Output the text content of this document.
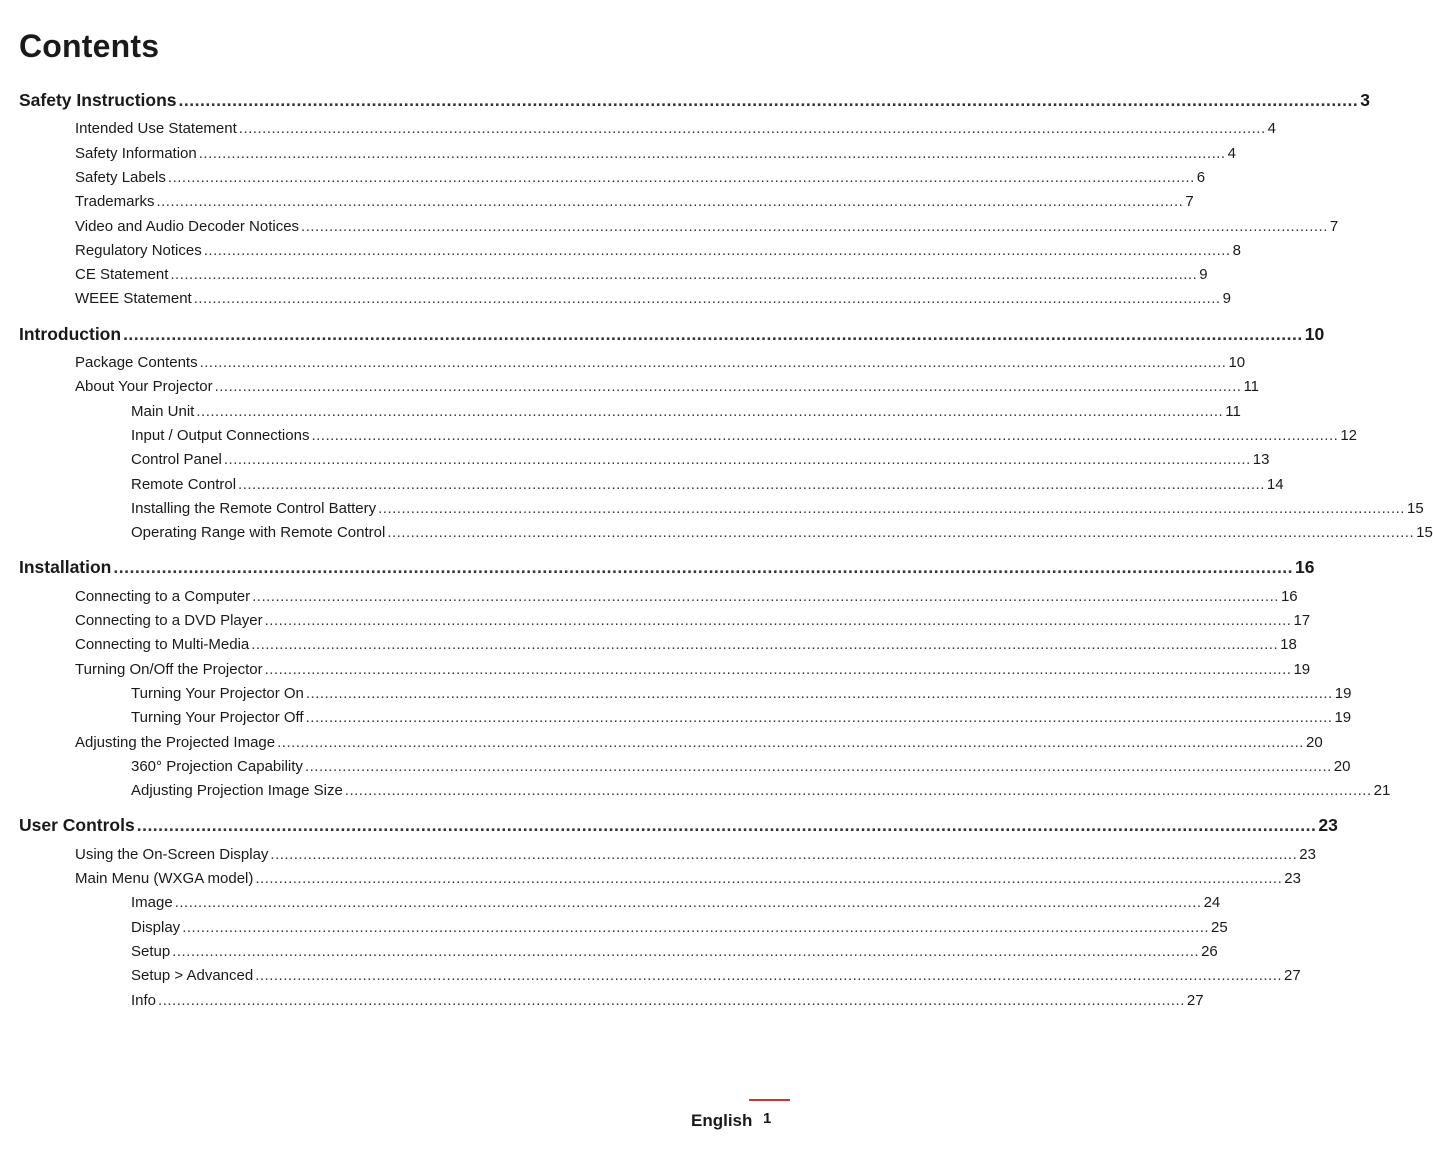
Contents
Safety Instructions ............................................................................................................................................................................................................................ 3
Intended Use Statement ............................................................................................................................................................................................................................ 4
Safety Information ............................................................................................................................................................................................................................ 4
Safety Labels ............................................................................................................................................................................................................................ 6
Trademarks ............................................................................................................................................................................................................................ 7
Video and Audio Decoder Notices ............................................................................................................................................................................................................................ 7
Regulatory Notices ............................................................................................................................................................................................................................ 8
CE Statement ............................................................................................................................................................................................................................ 9
WEEE Statement ............................................................................................................................................................................................................................ 9
Introduction ............................................................................................................................................................................................................................ 10
Package Contents ............................................................................................................................................................................................................................ 10
About Your Projector ............................................................................................................................................................................................................................ 11
Main Unit ............................................................................................................................................................................................................................ 11
Input / Output Connections ............................................................................................................................................................................................................................ 12
Control Panel ............................................................................................................................................................................................................................ 13
Remote Control ............................................................................................................................................................................................................................ 14
Installing the Remote Control Battery ............................................................................................................................................................................................................................ 15
Operating Range with Remote Control ............................................................................................................................................................................................................................ 15
Installation ............................................................................................................................................................................................................................ 16
Connecting to a Computer ............................................................................................................................................................................................................................ 16
Connecting to a DVD Player ............................................................................................................................................................................................................................ 17
Connecting to Multi-Media ............................................................................................................................................................................................................................ 18
Turning On/Off the Projector ............................................................................................................................................................................................................................ 19
Turning Your Projector On ............................................................................................................................................................................................................................ 19
Turning Your Projector Off ............................................................................................................................................................................................................................ 19
Adjusting the Projected Image ............................................................................................................................................................................................................................ 20
360° Projection Capability ............................................................................................................................................................................................................................ 20
Adjusting Projection Image Size ............................................................................................................................................................................................................................ 21
User Controls ............................................................................................................................................................................................................................ 23
Using the On-Screen Display ............................................................................................................................................................................................................................ 23
Main Menu (WXGA model) ............................................................................................................................................................................................................................ 23
Image ............................................................................................................................................................................................................................ 24
Display ............................................................................................................................................................................................................................ 25
Setup ............................................................................................................................................................................................................................ 26
Setup > Advanced ............................................................................................................................................................................................................................ 27
Info ............................................................................................................................................................................................................................ 27
English 1
